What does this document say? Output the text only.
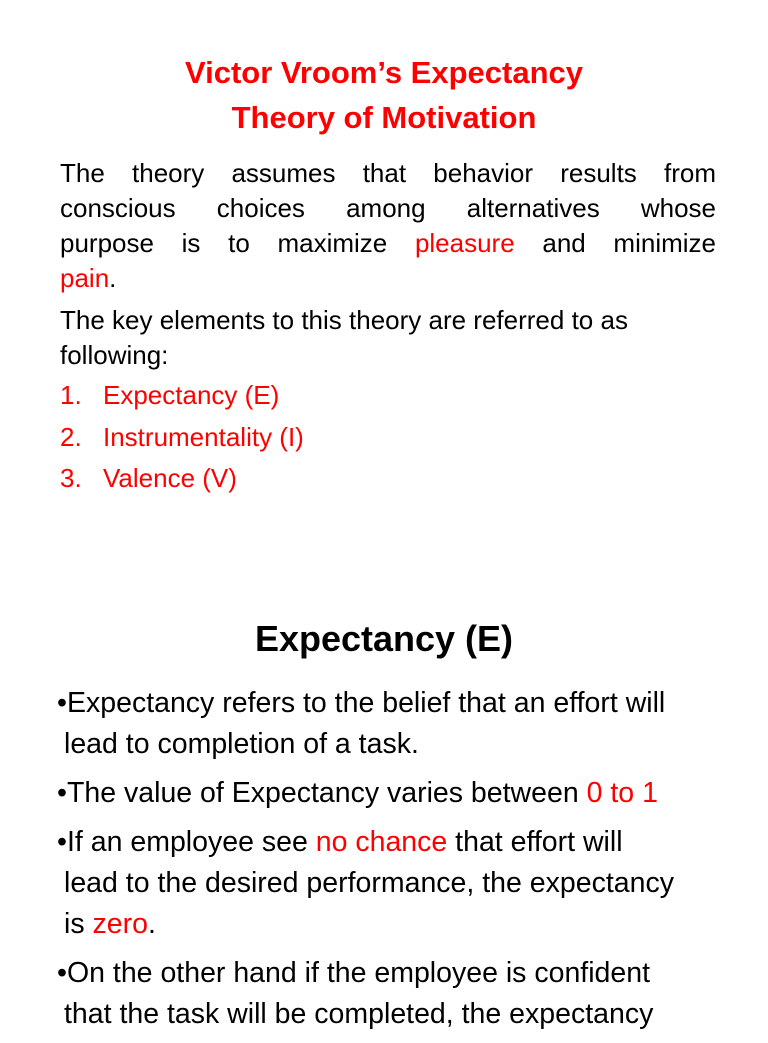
Victor Vroom’s Expectancy
Theory of Motivation
The theory assumes that behavior results from
conscious choices among alternatives whose
purpose is to maximize pleasure and minimize
pain.
The key elements to this theory are referred to as
following:
1. Expectancy (E)
2. Instrumentality (I)
3. Valence (V)
Expectancy (E)
•Expectancy refers to the belief that an effort will
lead to completion of a task.
•The value of Expectancy varies between 0 to 1
•If an employee see no chance that effort will
lead to the desired performance, the expectancy
is zero.
•On the other hand if the employee is confident
that the task will be completed, the expectancy
